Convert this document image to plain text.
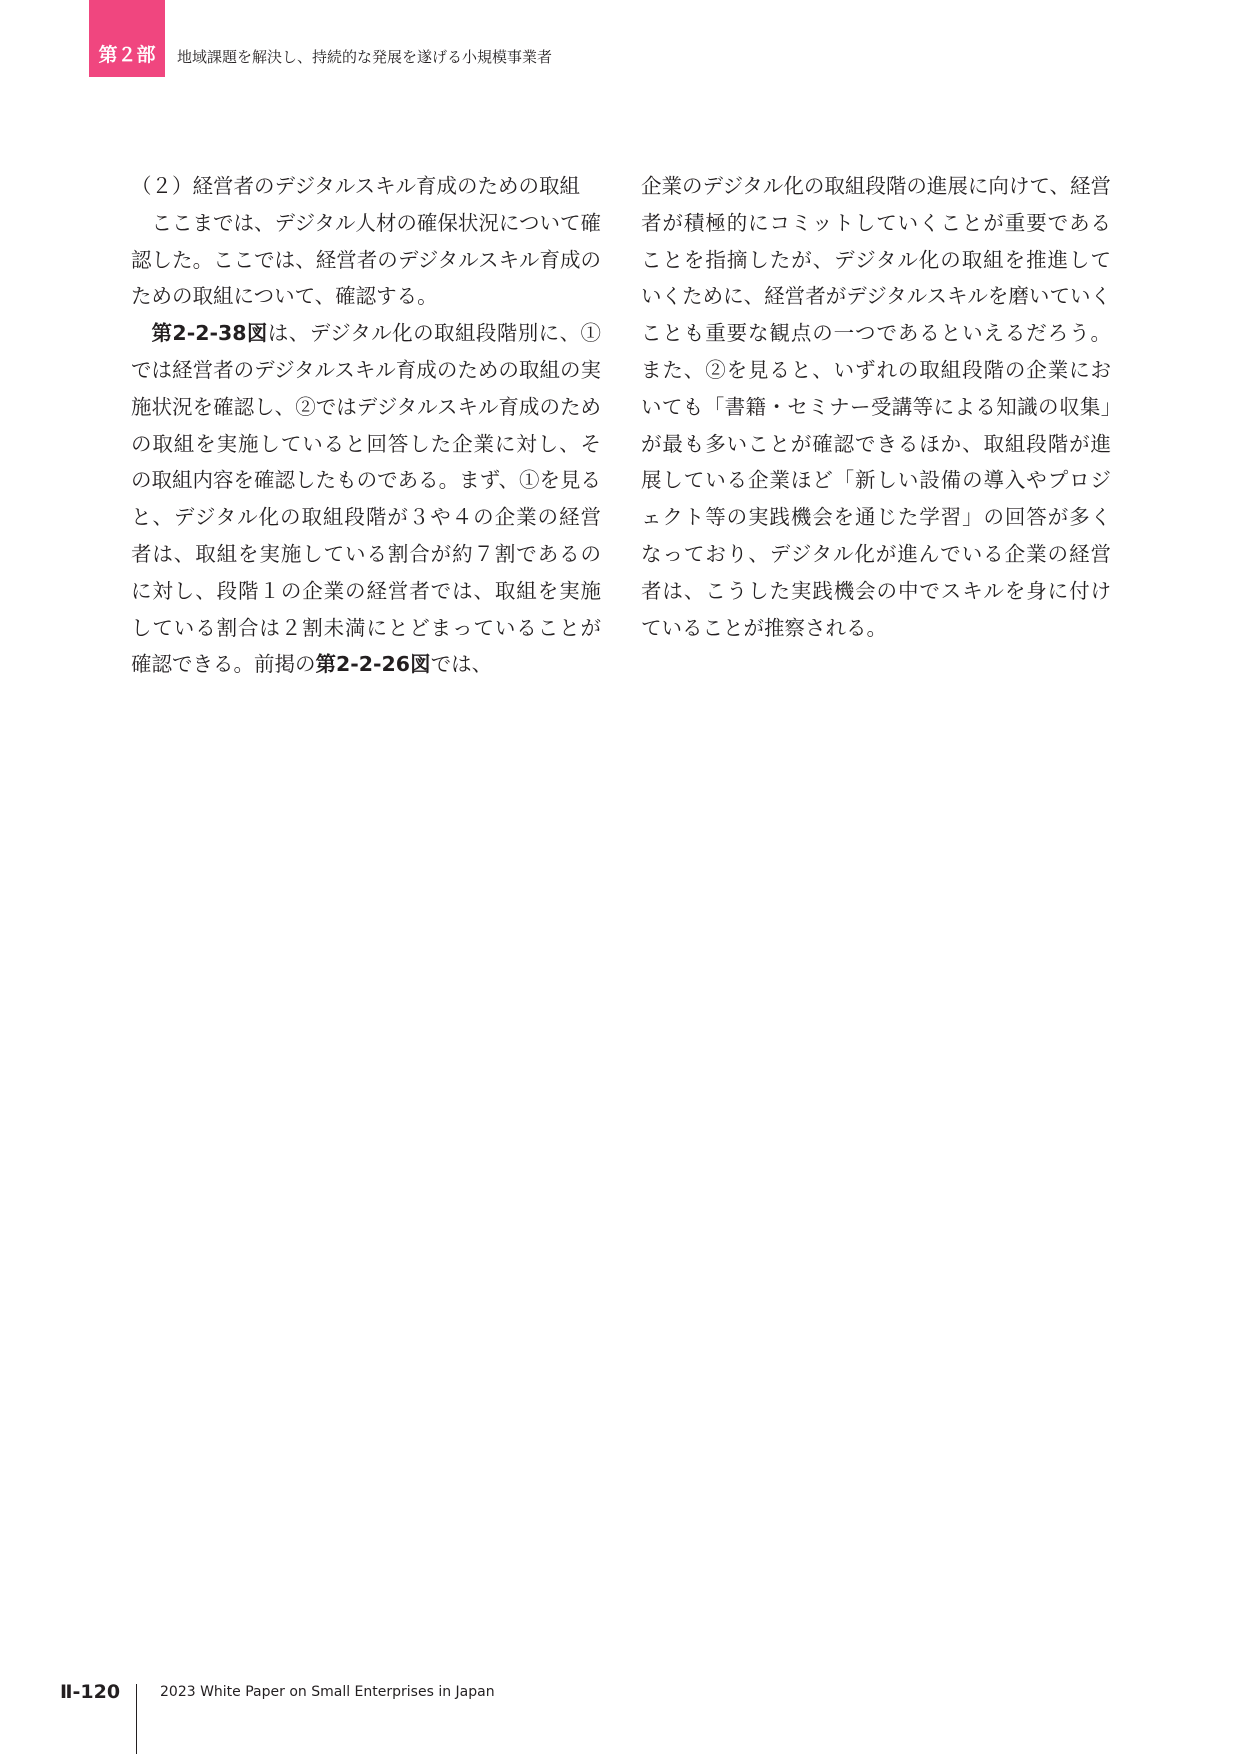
第２部 地域課題を解決し、持続的な発展を遂げる小規模事業者

（２）経営者のデジタルスキル育成のための取組

ここまでは、デジタル人材の確保状況について確認した。ここでは、経営者のデジタルスキル育成のための取組について、確認する。

第2-2-38図は、デジタル化の取組段階別に、①では経営者のデジタルスキル育成のための取組の実施状況を確認し、②ではデジタルスキル育成のための取組を実施していると回答した企業に対し、その取組内容を確認したものである。まず、①を見ると、デジタル化の取組段階が３や４の企業の経営者は、取組を実施している割合が約７割であるのに対し、段階１の企業の経営者では、取組を実施している割合は２割未満にとどまっていることが確認できる。前掲の第2-2-26図では、

企業のデジタル化の取組段階の進展に向けて、経営者が積極的にコミットしていくことが重要であることを指摘したが、デジタル化の取組を推進していくために、経営者がデジタルスキルを磨いていくことも重要な観点の一つであるといえるだろう。また、②を見ると、いずれの取組段階の企業においても「書籍・セミナー受講等による知識の収集」が最も多いことが確認できるほか、取組段階が進展している企業ほど「新しい設備の導入やプロジェクト等の実践機会を通じた学習」の回答が多くなっており、デジタル化が進んでいる企業の経営者は、こうした実践機会の中でスキルを身に付けていることが推察される。

Ⅱ-120	2023 White Paper on Small Enterprises in Japan
